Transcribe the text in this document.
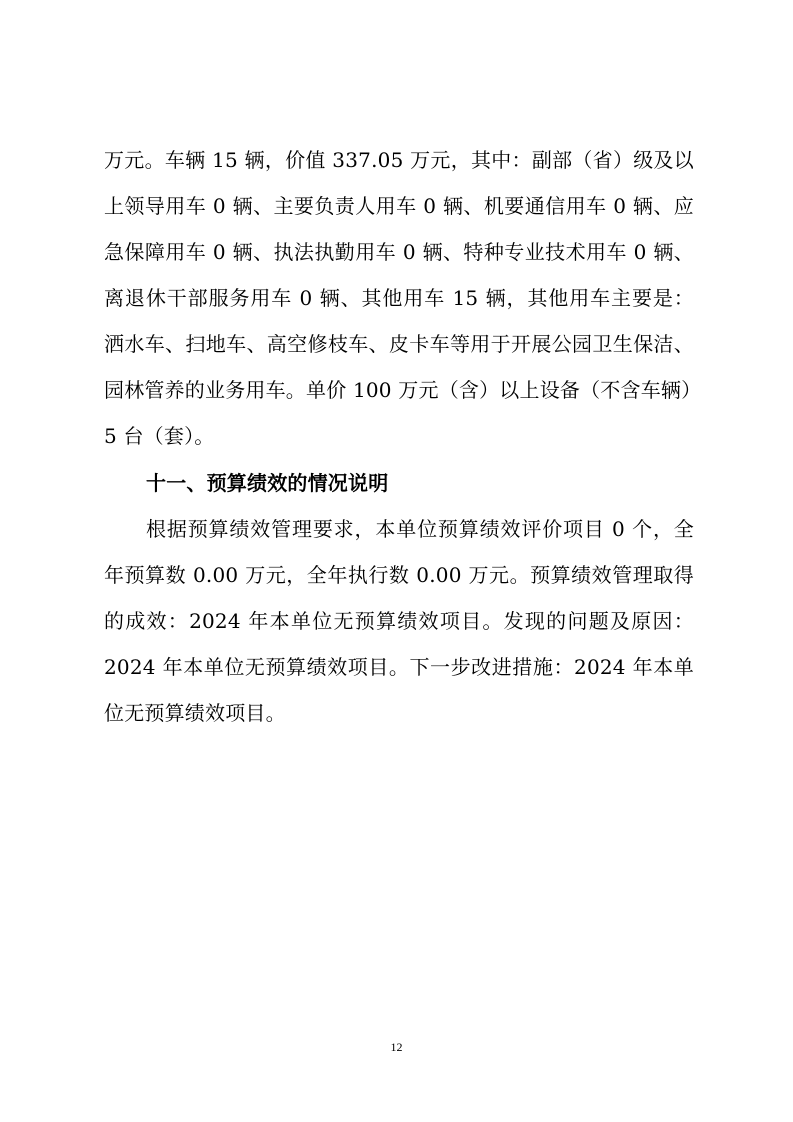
万元。车辆 15 辆，价值 337.05 万元，其中：副部（省）级及以
上领导用车 0 辆、主要负责人用车 0 辆、机要通信用车 0 辆、应
急保障用车 0 辆、执法执勤用车 0 辆、特种专业技术用车 0 辆、
离退休干部服务用车 0 辆、其他用车 15 辆，其他用车主要是：
洒水车、扫地车、高空修枝车、皮卡车等用于开展公园卫生保洁、
园林管养的业务用车。单价 100 万元（含）以上设备（不含车辆）
5 台（套）。
十一、预算绩效的情况说明
根据预算绩效管理要求，本单位预算绩效评价项目 0 个，全
年预算数 0.00 万元，全年执行数 0.00 万元。预算绩效管理取得
的成效：2024 年本单位无预算绩效项目。发现的问题及原因：
2024 年本单位无预算绩效项目。下一步改进措施：2024 年本单
位无预算绩效项目。
12
